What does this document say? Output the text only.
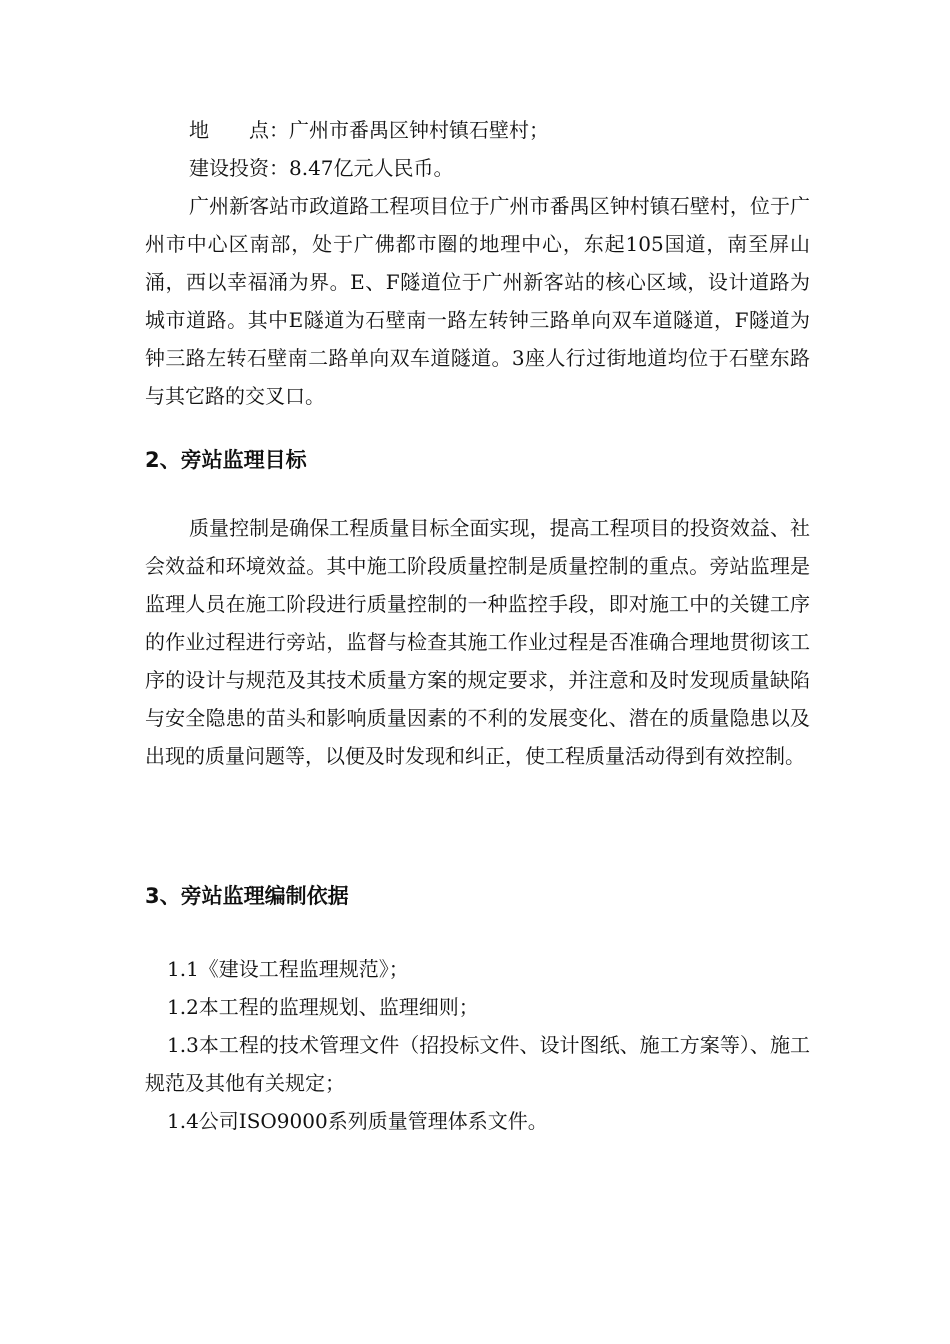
地　　点：广州市番禺区钟村镇石壁村；

建设投资：8.47亿元人民币。

广州新客站市政道路工程项目位于广州市番禺区钟村镇石壁村，位于广州市中心区南部，处于广佛都市圈的地理中心，东起105国道，南至屏山涌，西以幸福涌为界。E、F隧道位于广州新客站的核心区域，设计道路为城市道路。其中E隧道为石壁南一路左转钟三路单向双车道隧道，F隧道为钟三路左转石壁南二路单向双车道隧道。3座人行过街地道均位于石壁东路与其它路的交叉口。

2、旁站监理目标

质量控制是确保工程质量目标全面实现，提高工程项目的投资效益、社会效益和环境效益。其中施工阶段质量控制是质量控制的重点。旁站监理是监理人员在施工阶段进行质量控制的一种监控手段，即对施工中的关键工序的作业过程进行旁站，监督与检查其施工作业过程是否准确合理地贯彻该工序的设计与规范及其技术质量方案的规定要求，并注意和及时发现质量缺陷与安全隐患的苗头和影响质量因素的不利的发展变化、潜在的质量隐患以及出现的质量问题等，以便及时发现和纠正，使工程质量活动得到有效控制。

3、旁站监理编制依据

1.1《建设工程监理规范》；

1.2本工程的监理规划、监理细则；

1.3本工程的技术管理文件（招投标文件、设计图纸、施工方案等）、施工规范及其他有关规定；

1.4公司ISO9000系列质量管理体系文件。
